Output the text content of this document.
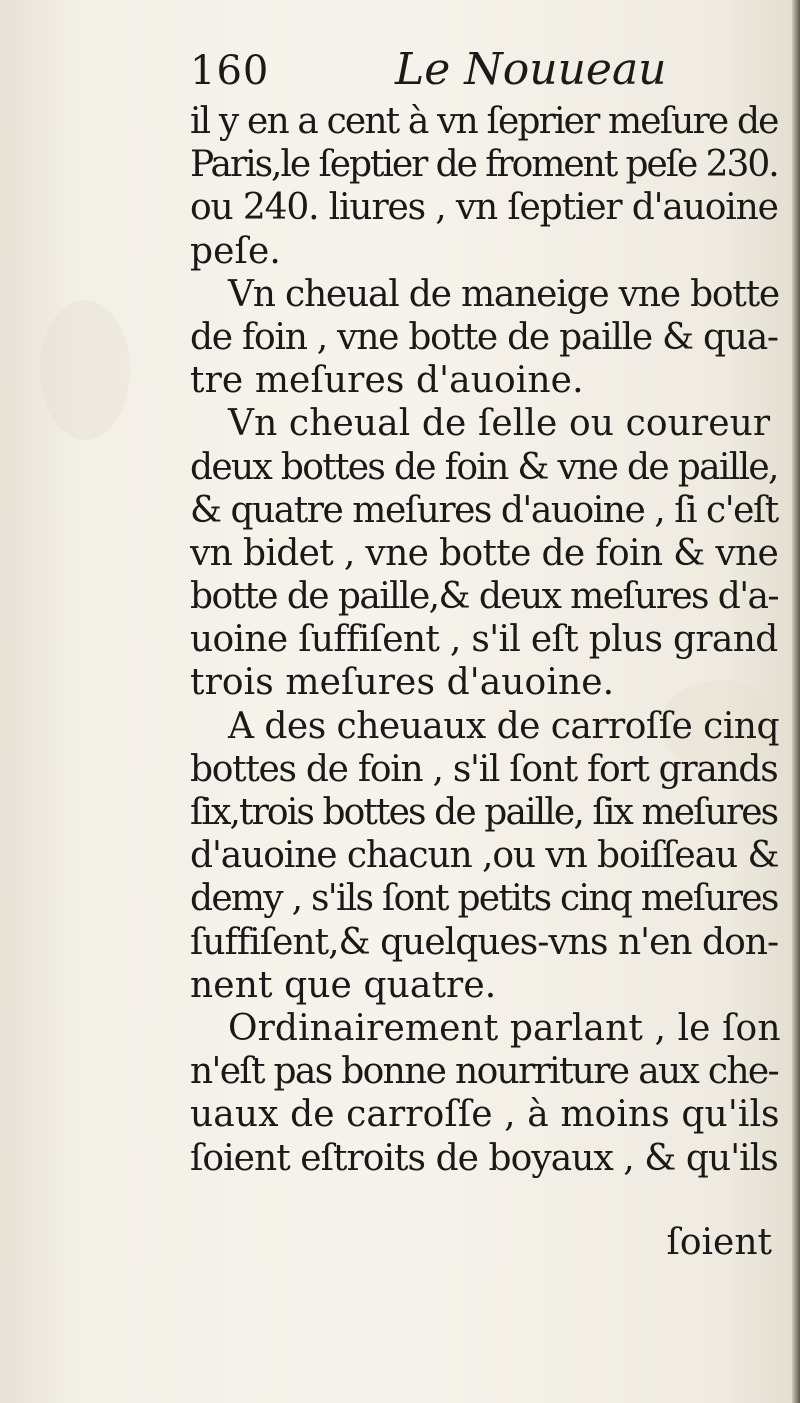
160	Le Nouueau
il y en a cent à vn ſeprier meſure de
Paris,le ſeptier de froment peſe 230.
ou 240. liures , vn ſeptier d'auoine
peſe.
Vn cheual de maneige vne botte
de foin , vne botte de paille & qua-
tre meſures d'auoine.
Vn cheual de ſelle ou coureur
deux bottes de foin & vne de paille,
& quatre meſures d'auoine , ſi c'eſt
vn bidet , vne botte de foin & vne
botte de paille,& deux meſures d'a-
uoine ſuffiſent , s'il eſt plus grand
trois meſures d'auoine.
A des cheuaux de carroſſe cinq
bottes de foin , s'il ſont fort grands
ſix,trois bottes de paille, ſix meſures
d'auoine chacun ,ou vn boiſſeau &
demy , s'ils ſont petits cinq meſures
ſuffiſent,& quelques-vns n'en don-
nent que quatre.
Ordinairement parlant , le ſon
n'eſt pas bonne nourriture aux che-
uaux de carroſſe , à moins qu'ils
ſoient eſtroits de boyaux , & qu'ils
ſoient
